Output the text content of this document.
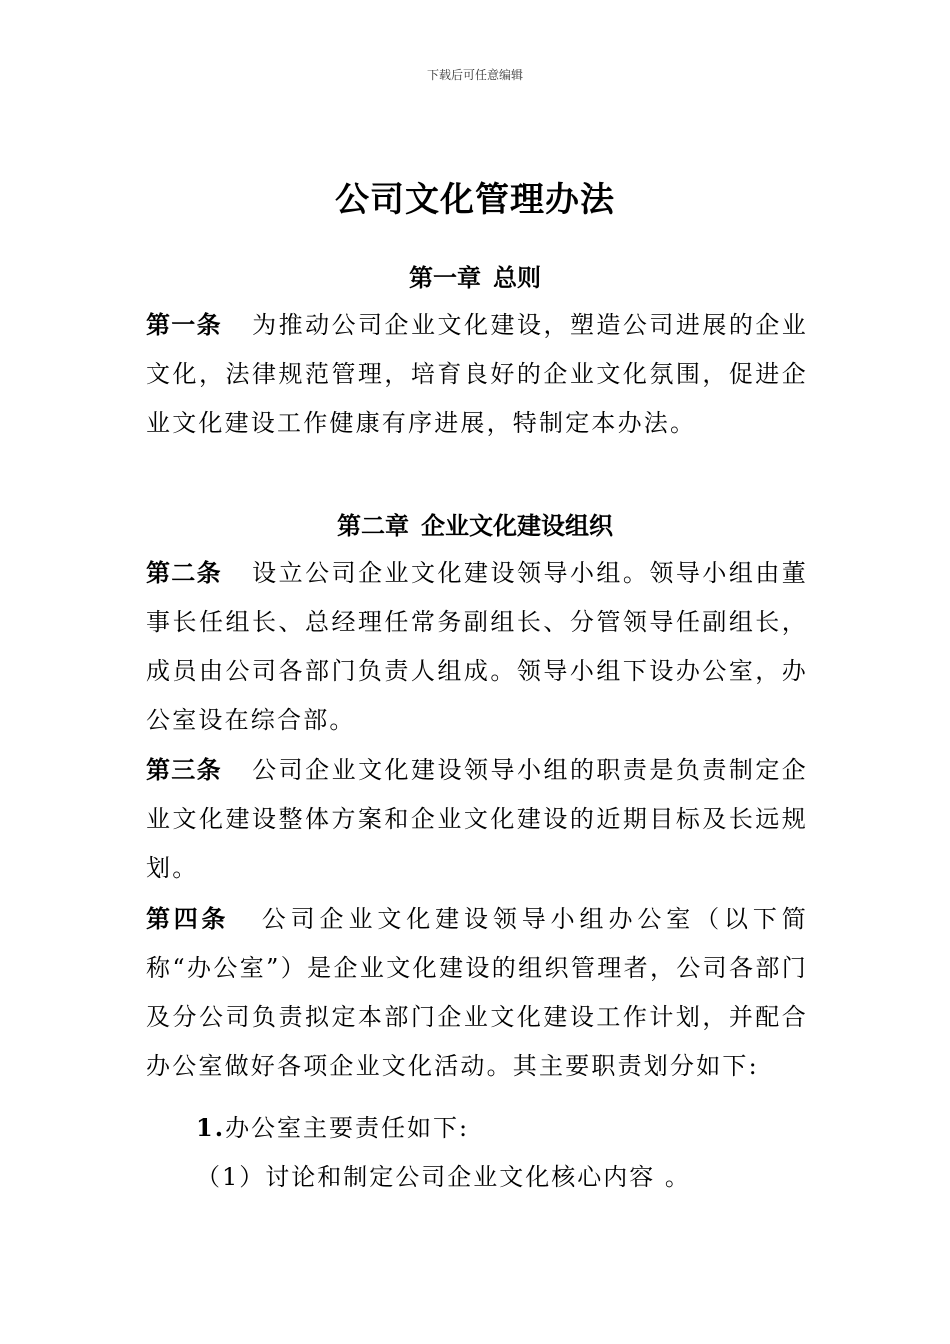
下载后可任意编辑
公司文化管理办法
第一章 总则

第一条 为推动公司企业文化建设，塑造公司进展的企业文化，法律规范管理，培育良好的企业文化氛围，促进企业文化建设工作健康有序进展，特制定本办法。

第二章 企业文化建设组织

第二条 设立公司企业文化建设领导小组。领导小组由董事长任组长、总经理任常务副组长、分管领导任副组长，成员由公司各部门负责人组成。领导小组下设办公室，办公室设在综合部。

第三条 公司企业文化建设领导小组的职责是负责制定企业文化建设整体方案和企业文化建设的近期目标及长远规划。

第四条 公司企业文化建设领导小组办公室（以下简称“办公室”）是企业文化建设的组织管理者，公司各部门及分公司负责拟定本部门企业文化建设工作计划，并配合办公室做好各项企业文化活动。其主要职责划分如下:

1.办公室主要责任如下:

（1）讨论和制定公司企业文化核心内容 。
